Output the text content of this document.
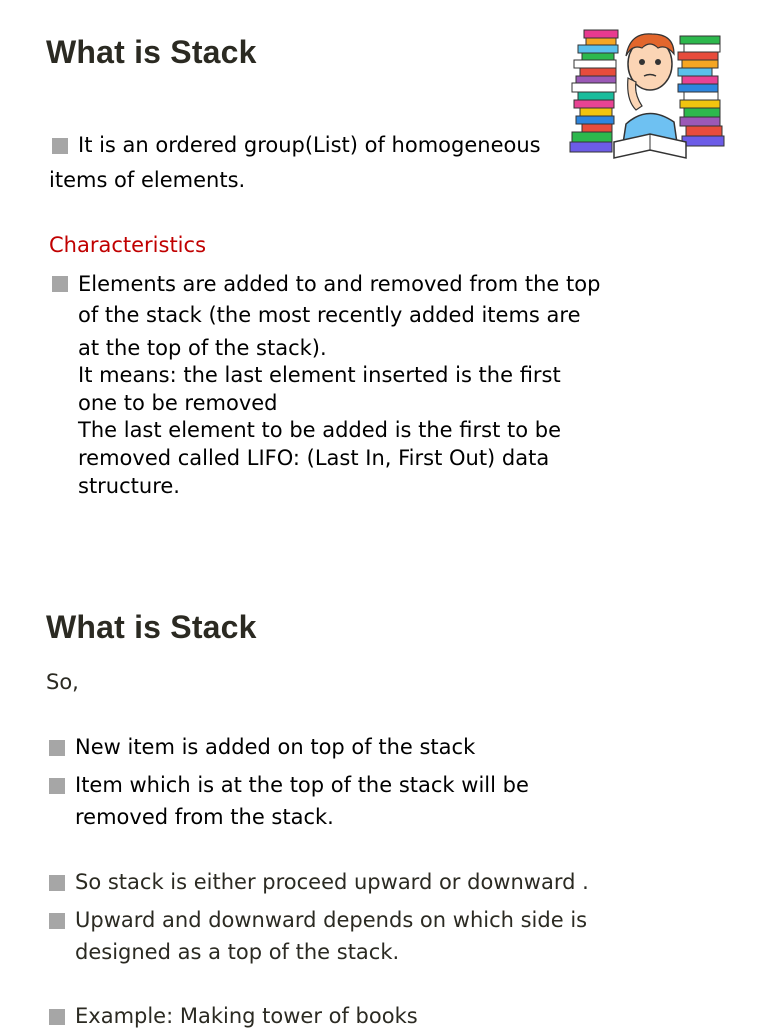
What is Stack
It is an ordered group(List) of homogeneous
items of elements.
Characteristics
Elements are added to and removed from the top
of the stack (the most recently added items are
at the top of the stack).
It means: the last element inserted is the first
one to be removed
The last element to be added is the first to be
removed called LIFO: (Last In, First Out) data
structure.
What is Stack
So,
New item is added on top of the stack
Item which is at the top of the stack will be
removed from the stack.
So stack is either proceed upward or downward .
Upward and downward depends on which side is
designed as a top of the stack.
Example: Making tower of books
